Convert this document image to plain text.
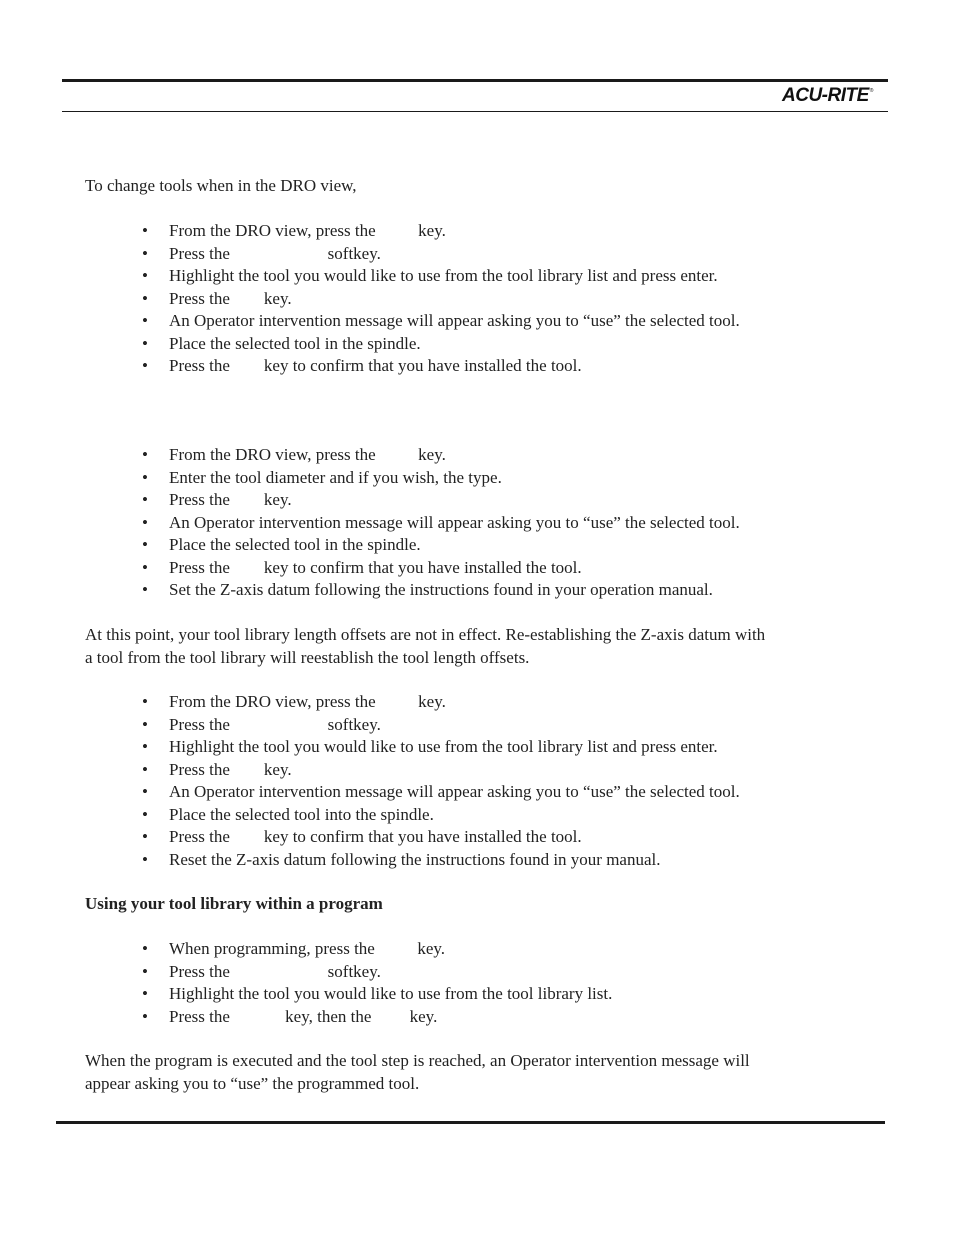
ACU-RITE®

To change tools when in the DRO view,

• From the DRO view, press the          key.
• Press the                       softkey.
• Highlight the tool you would like to use from the tool library list and press enter.
• Press the        key.
• An Operator intervention message will appear asking you to “use” the selected tool.
• Place the selected tool in the spindle.
• Press the        key to confirm that you have installed the tool.
• From the DRO view, press the          key.
• Enter the tool diameter and if you wish, the type.
• Press the        key.
• An Operator intervention message will appear asking you to “use” the selected tool.
• Place the selected tool in the spindle.
• Press the        key to confirm that you have installed the tool.
• Set the Z-axis datum following the instructions found in your operation manual.

At this point, your tool library length offsets are not in effect. Re-establishing the Z-axis datum with

a tool from the tool library will reestablish the tool length offsets.

• From the DRO view, press the          key.
• Press the                       softkey.
• Highlight the tool you would like to use from the tool library list and press enter.
• Press the        key.
• An Operator intervention message will appear asking you to “use” the selected tool.
• Place the selected tool into the spindle.
• Press the        key to confirm that you have installed the tool.
• Reset the Z-axis datum following the instructions found in your manual.

Using your tool library within a program

• When programming, press the          key.
• Press the                       softkey.
• Highlight the tool you would like to use from the tool library list.
• Press the             key, then the         key.

When the program is executed and the tool step is reached, an Operator intervention message will

appear asking you to “use” the programmed tool.
